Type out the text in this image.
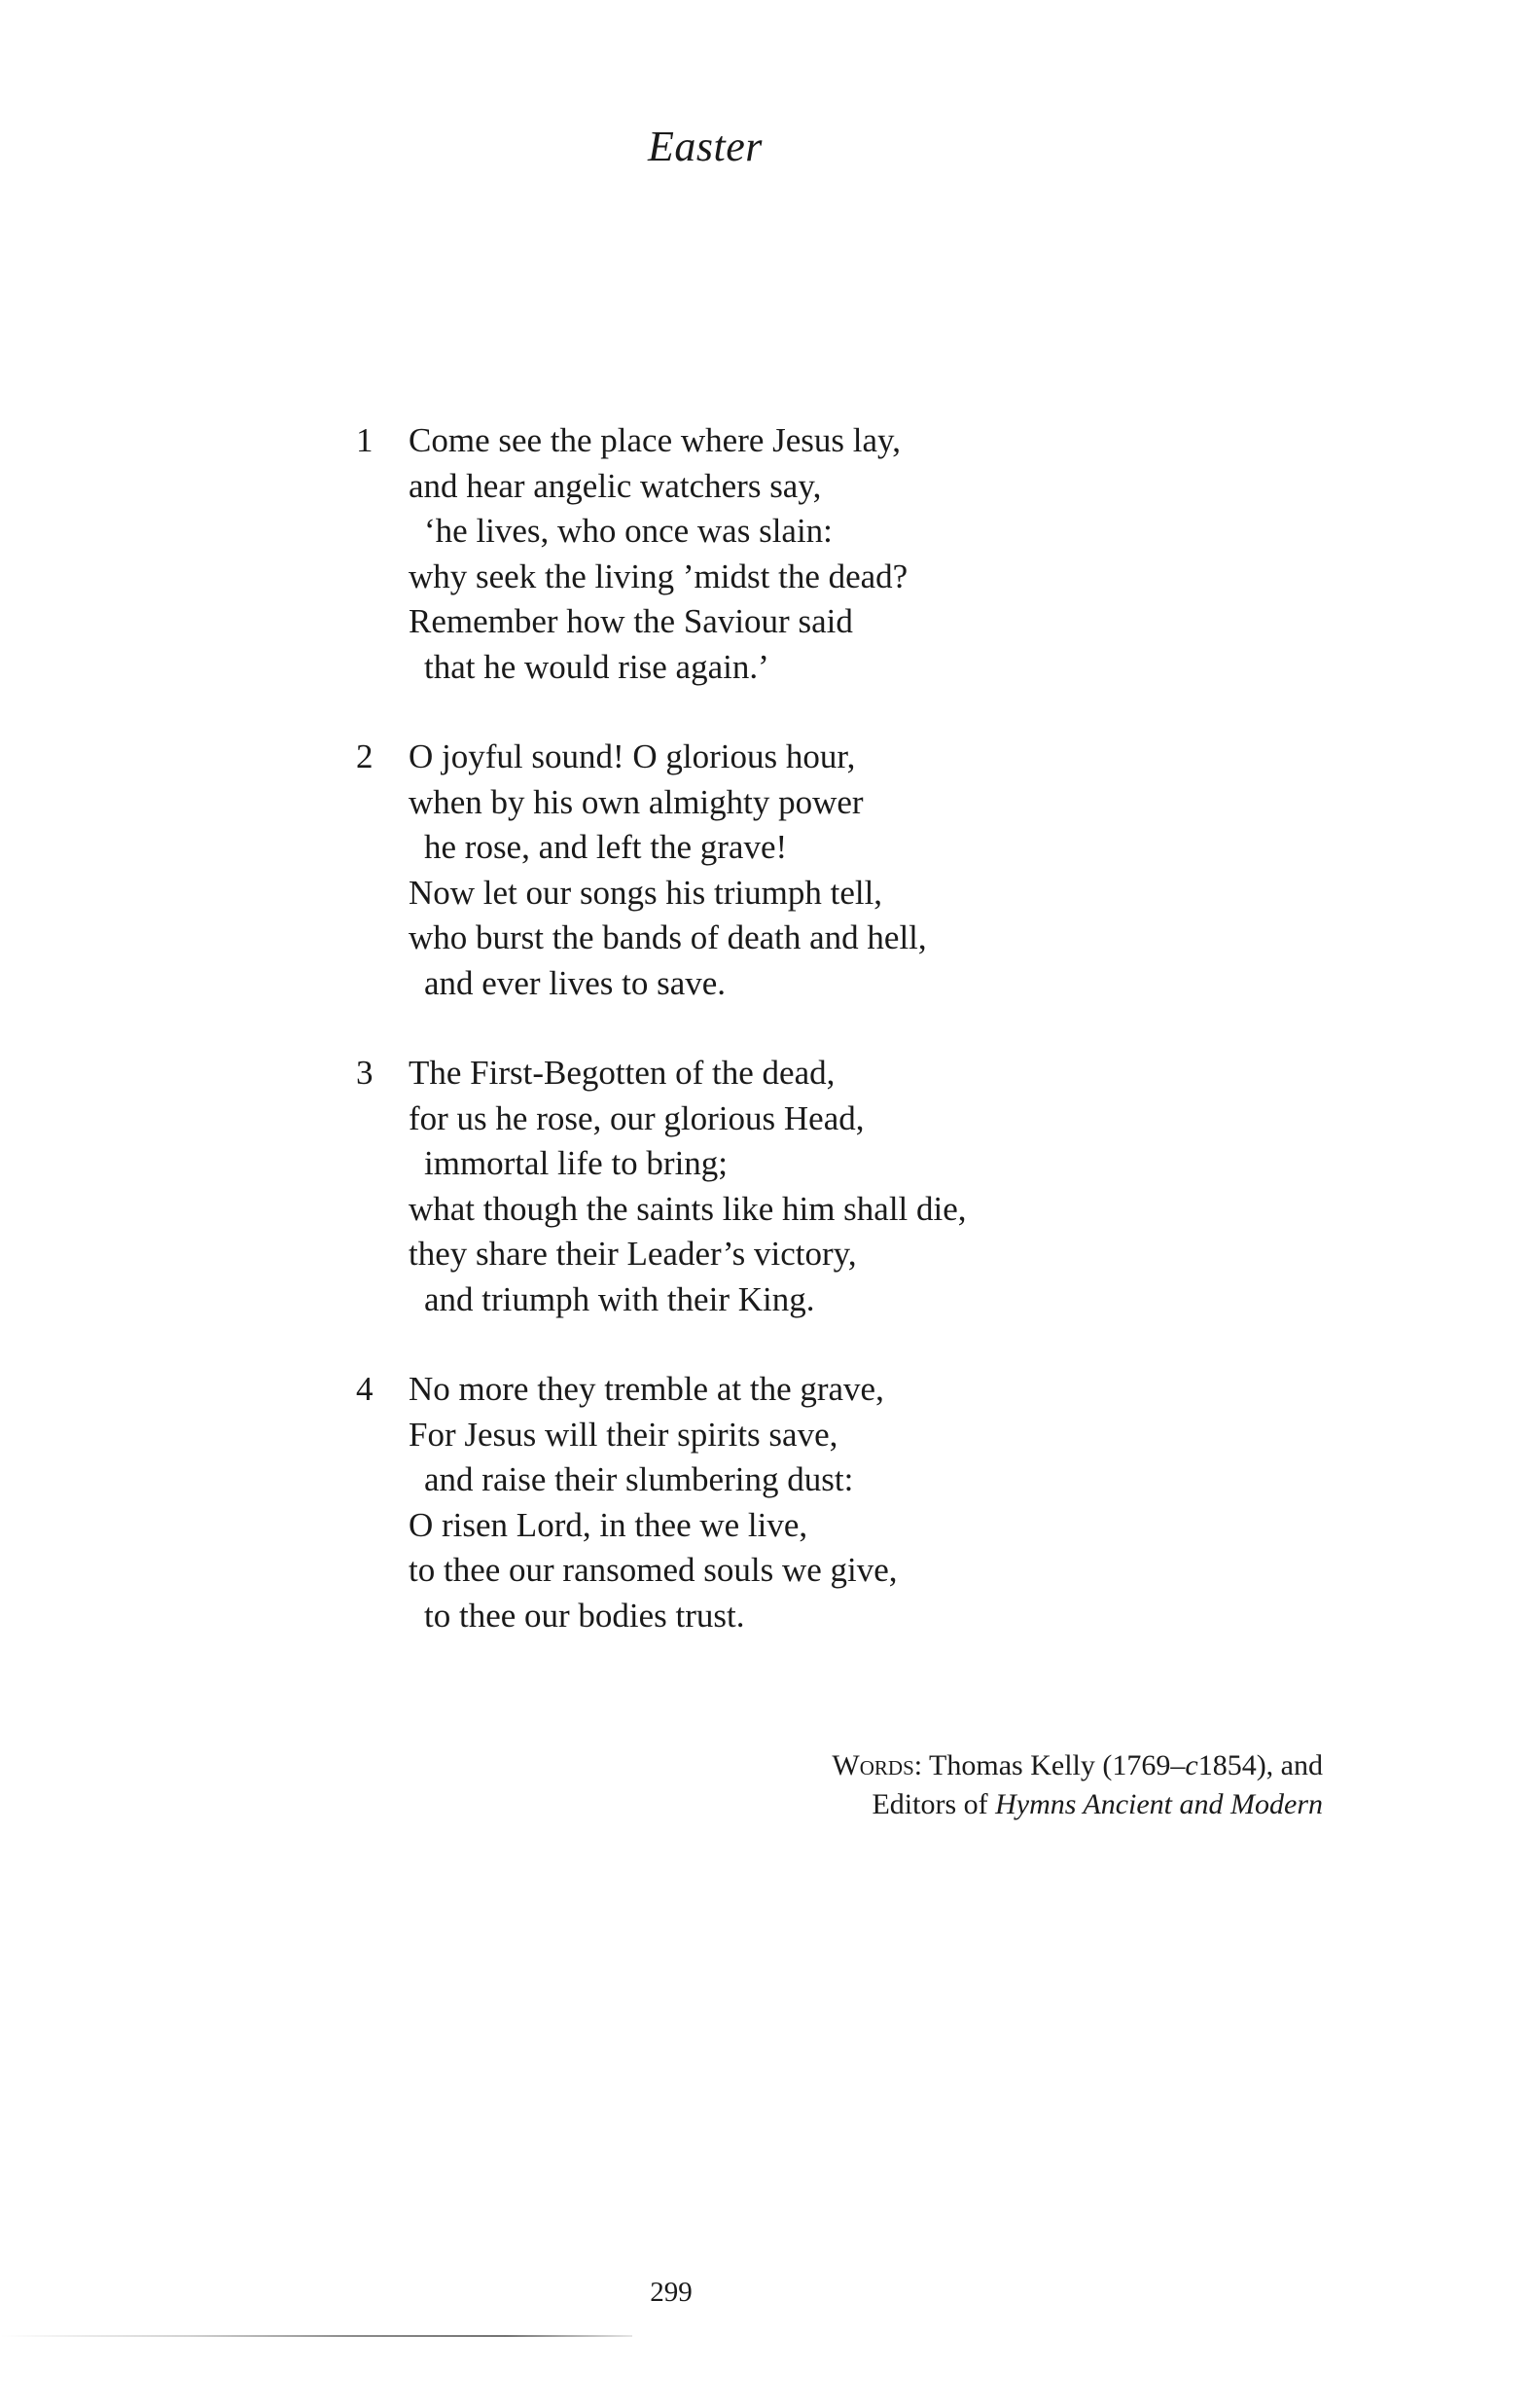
Easter
1 Come see the place where Jesus lay,
and hear angelic watchers say,
‘he lives, who once was slain:
why seek the living ’midst the dead?
Remember how the Saviour said
that he would rise again.’
2 O joyful sound! O glorious hour,
when by his own almighty power
he rose, and left the grave!
Now let our songs his triumph tell,
who burst the bands of death and hell,
and ever lives to save.
3 The First-Begotten of the dead,
for us he rose, our glorious Head,
immortal life to bring;
what though the saints like him shall die,
they share their Leader’s victory,
and triumph with their King.
4 No more they tremble at the grave,
For Jesus will their spirits save,
and raise their slumbering dust:
O risen Lord, in thee we live,
to thee our ransomed souls we give,
to thee our bodies trust.
Words: Thomas Kelly (1769–c1854), and
Editors of Hymns Ancient and Modern
299
